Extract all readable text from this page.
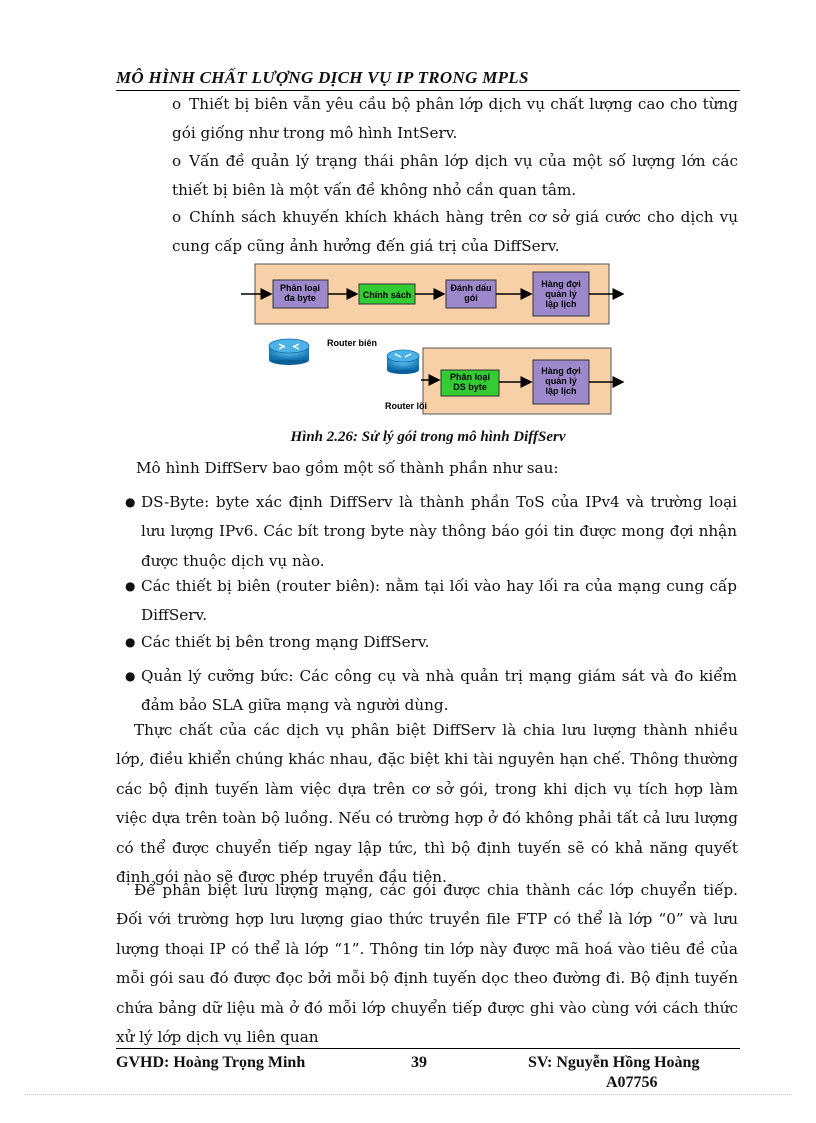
MÔ HÌNH CHẤT LƯỢNG DỊCH VỤ IP TRONG MPLS

o Thiết bị biên vẫn yêu cầu bộ phân lớp dịch vụ chất lượng cao cho từng gói giống như trong mô hình IntServ.

o Vấn đề quản lý trạng thái phân lớp dịch vụ của một số lượng lớn các thiết bị biên là một vấn đề không nhỏ cần quan tâm.

o Chính sách khuyến khích khách hàng trên cơ sở giá cước cho dịch vụ cung cấp cũng ảnh hưởng đến giá trị của DiffServ.

Phân loại đa byte	Chính sách
Đánh dấu gói
Hàng đợi quản lý lập lịch
Router biên
Phân loại DS byte
Hàng đợi quản lý lập lịch
Router lõi
Hình 2.26: Sử lý gói trong mô hình DiffServ

Mô hình DiffServ bao gồm một số thành phần như sau:

● DS-Byte: byte xác định DiffServ là thành phần ToS của IPv4 và trường loại lưu lượng IPv6. Các bít trong byte này thông báo gói tin được mong đợi nhận được thuộc dịch vụ nào.

● Các thiết bị biên (router biên): nằm tại lối vào hay lối ra của mạng cung cấp DiffServ.

● Các thiết bị bên trong mạng DiffServ.

● Quản lý cưỡng bức: Các công cụ và nhà quản trị mạng giám sát và đo kiểm đảm bảo SLA giữa mạng và người dùng.

Thực chất của các dịch vụ phân biệt DiffServ là chia lưu lượng thành nhiều lớp, điều khiển chúng khác nhau, đặc biệt khi tài nguyên hạn chế. Thông thường các bộ định tuyến làm việc dựa trên cơ sở gói, trong khi dịch vụ tích hợp làm việc dựa trên toàn bộ luồng. Nếu có trường hợp ở đó không phải tất cả lưu lượng có thể được chuyển tiếp ngay lập tức, thì bộ định tuyến sẽ có khả năng quyết định gói nào sẽ được phép truyền đầu tiên.

Để phân biệt lưu lượng mạng, các gói được chia thành các lớp chuyển tiếp. Đối với trường hợp lưu lượng giao thức truyền file FTP có thể là lớp “0” và lưu lượng thoại IP có thể là lớp “1”. Thông tin lớp này được mã hoá vào tiêu đề của mỗi gói sau đó được đọc bởi mỗi bộ định tuyến dọc theo đường đi. Bộ định tuyến chứa bảng dữ liệu mà ở đó mỗi lớp chuyển tiếp được ghi vào cùng với cách thức xử lý lớp dịch vụ liên quan

GVHD: Hoàng Trọng Minh	39	SV: Nguyễn Hồng Hoàng
A07756
